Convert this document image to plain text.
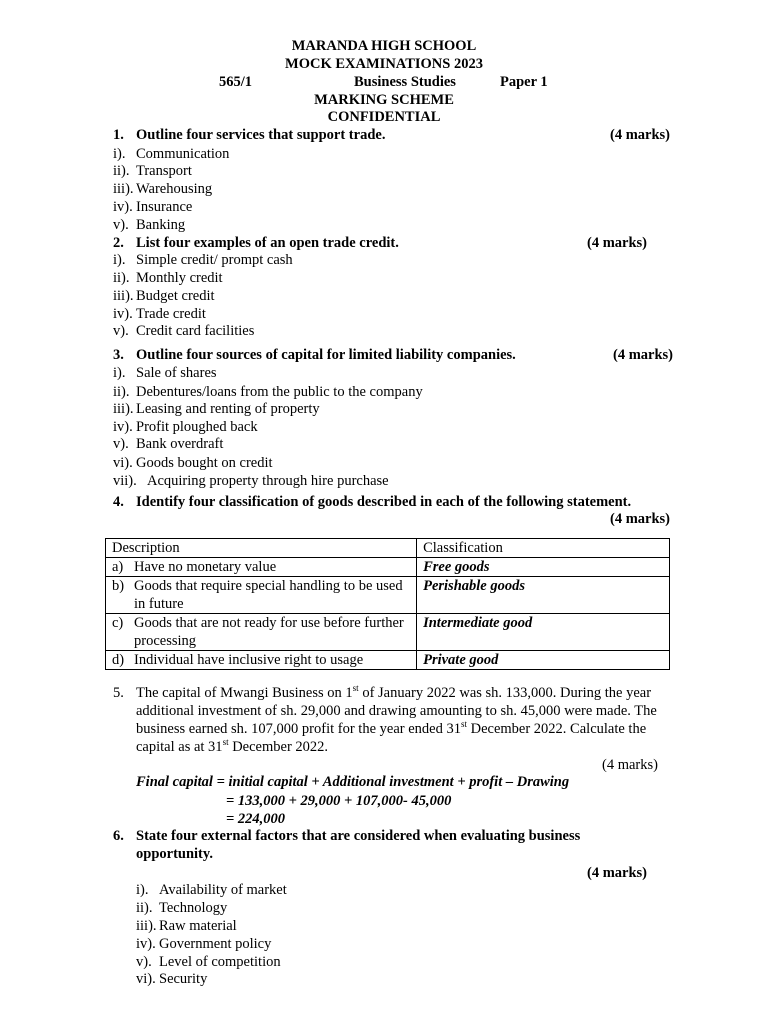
MARANDA HIGH SCHOOL
MOCK EXAMINATIONS 2023
565/1	Business Studies	Paper 1
MARKING SCHEME
CONFIDENTIAL
1. Outline four services that support trade.	(4 marks)
i). Communication
ii). Transport
iii). Warehousing
iv). Insurance
v). Banking
2. List four examples of an open trade credit.	(4 marks)
i). Simple credit/ prompt cash
ii). Monthly credit
iii). Budget credit
iv). Trade credit
v). Credit card facilities
3. Outline four sources of capital for limited liability companies.	(4 marks)
i). Sale of shares
ii). Debentures/loans from the public to the company
iii). Leasing and renting of property
iv). Profit ploughed back
v). Bank overdraft
vi). Goods bought on credit
vii). Acquiring property through hire purchase
4. Identify four classification of goods described in each of the following statement.
(4 marks)
Description	Classification
a) Have no monetary value	Free goods
b) Goods that require special handling to be used in future	Perishable goods
c) Goods that are not ready for use before further processing	Intermediate good
d) Individual have inclusive right to usage	Private good
5. The capital of Mwangi Business on 1st of January 2022 was sh. 133,000. During the year
additional investment of sh. 29,000 and drawing amounting to sh. 45,000 were made. The
business earned sh. 107,000 profit for the year ended 31st December 2022. Calculate the
capital as at 31st December 2022.
(4 marks)
Final capital = initial capital + Additional investment + profit – Drawing
= 133,000 + 29,000 + 107,000- 45,000
= 224,000
6. State four external factors that are considered when evaluating business
opportunity.
(4 marks)
i). Availability of market
ii). Technology
iii). Raw material
iv). Government policy
v). Level of competition
vi). Security
